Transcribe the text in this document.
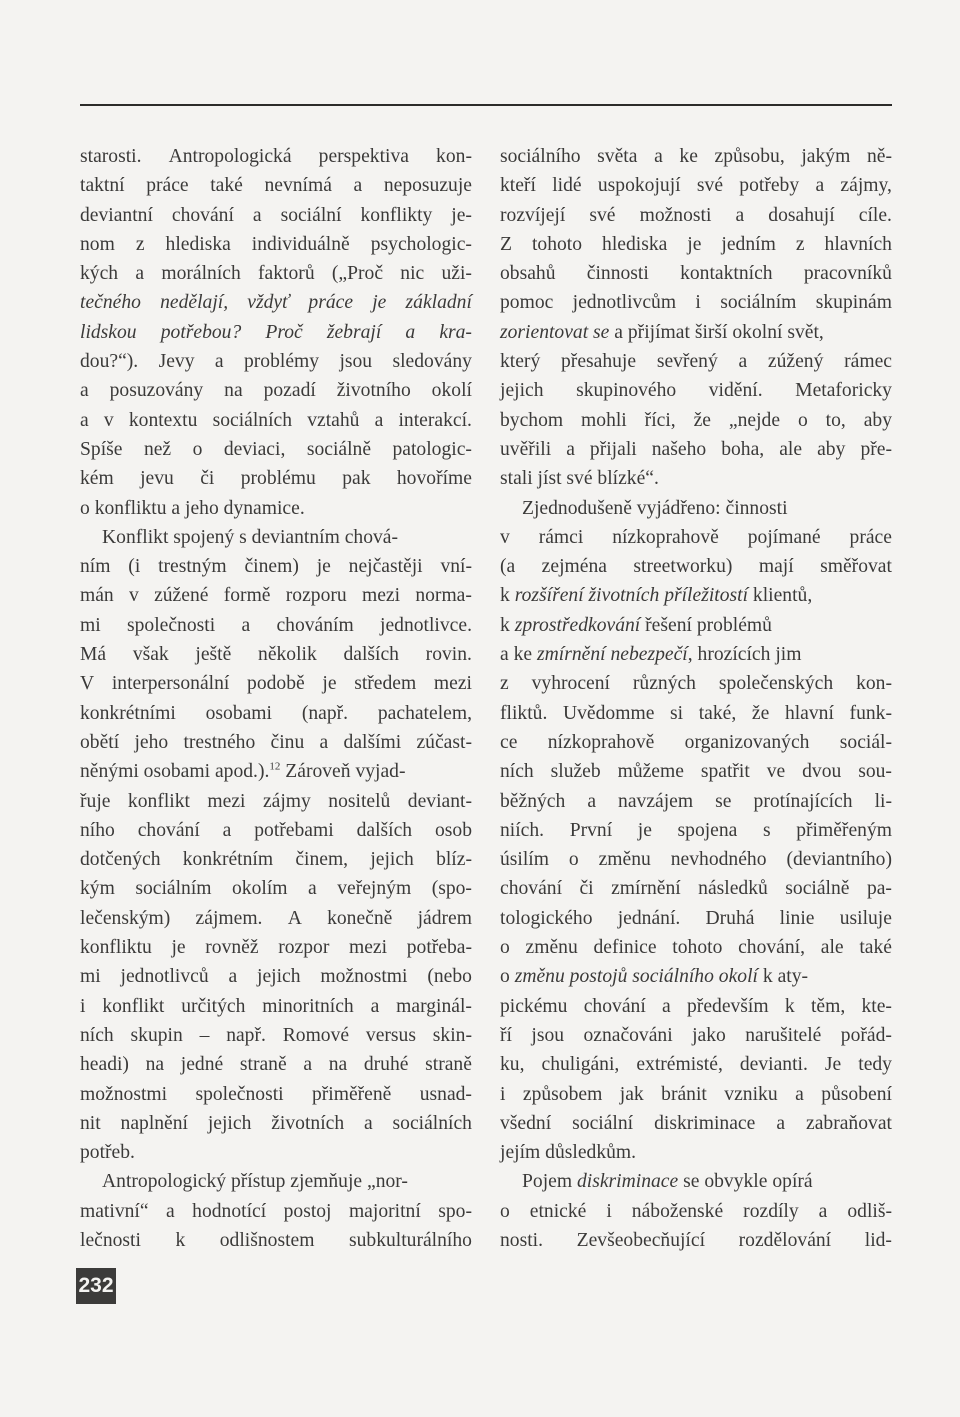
starosti. Antropologická perspektiva kon-
taktní práce také nevnímá a neposuzuje
deviantní chování a sociální konflikty je-
nom z hlediska individuálně psychologic-
kých a morálních faktorů („Proč nic uži-
tečného nedělají, vždyť práce je základní
lidskou potřebou? Proč žebrají a kra-
dou?“). Jevy a problémy jsou sledovány
a posuzovány na pozadí životního okolí
a v kontextu sociálních vztahů a interakcí.
Spíše než o deviaci, sociálně patologic-
kém jevu či problému pak hovoříme
o konfliktu a jeho dynamice.
Konflikt spojený s deviantním chová-
ním (i trestným činem) je nejčastěji vní-
mán v zúžené formě rozporu mezi norma-
mi společnosti a chováním jednotlivce.
Má však ještě několik dalších rovin.
V interpersonální podobě je středem mezi
konkrétními osobami (např. pachatelem,
obětí jeho trestného činu a dalšími zúčast-
něnými osobami apod.).$^{12}$ Zároveň vyjad-
řuje konflikt mezi zájmy nositelů deviant-
ního chování a potřebami dalších osob
dotčených konkrétním činem, jejich blíz-
kým sociálním okolím a veřejným (spo-
lečenským) zájmem. A konečně jádrem
konfliktu je rovněž rozpor mezi potřeba-
mi jednotlivců a jejich možnostmi (nebo
i konflikt určitých minoritních a marginál-
ních skupin – např. Romové versus skin-
headi) na jedné straně a na druhé straně
možnostmi společnosti přiměřeně usnad-
nit naplnění jejich životních a sociálních
potřeb.
Antropologický přístup zjemňuje „nor-
mativní“ a hodnotící postoj majoritní spo-
lečnosti k odlišnostem subkulturálního
sociálního světa a ke způsobu, jakým ně-
kteří lidé uspokojují své potřeby a zájmy,
rozvíjejí své možnosti a dosahují cíle.
Z tohoto hlediska je jedním z hlavních
obsahů činnosti kontaktních pracovníků
pomoc jednotlivcům i sociálním skupinám
zorientovat se a přijímat širší okolní svět,
který přesahuje sevřený a zúžený rámec
jejich skupinového vidění. Metaforicky
bychom mohli říci, že „nejde o to, aby
uvěřili a přijali našeho boha, ale aby pře-
stali jíst své blízké“.
Zjednodušeně vyjádřeno: činnosti
v rámci nízkoprahově pojímané práce
(a zejména streetworku) mají směřovat
k rozšíření životních příležitostí klientů,
k zprostředkování řešení problémů
a ke zmírnění nebezpečí, hrozících jim
z vyhrocení různých společenských kon-
fliktů. Uvědomme si také, že hlavní funk-
ce nízkoprahově organizovaných sociál-
ních služeb můžeme spatřit ve dvou sou-
běžných a navzájem se protínajících li-
niích. První je spojena s přiměřeným
úsilím o změnu nevhodného (deviantního)
chování či zmírnění následků sociálně pa-
tologického jednání. Druhá linie usiluje
o změnu definice tohoto chování, ale také
o změnu postojů sociálního okolí k aty-
pickému chování a především k těm, kte-
ří jsou označováni jako narušitelé pořád-
ku, chuligáni, extrémisté, devianti. Je tedy
i způsobem jak bránit vzniku a působení
všední sociální diskriminace a zabraňovat
jejím důsledkům.
Pojem diskriminace se obvykle opírá
o etnické i náboženské rozdíly a odliš-
nosti. Zevšeobecňující rozdělování lid-
232
